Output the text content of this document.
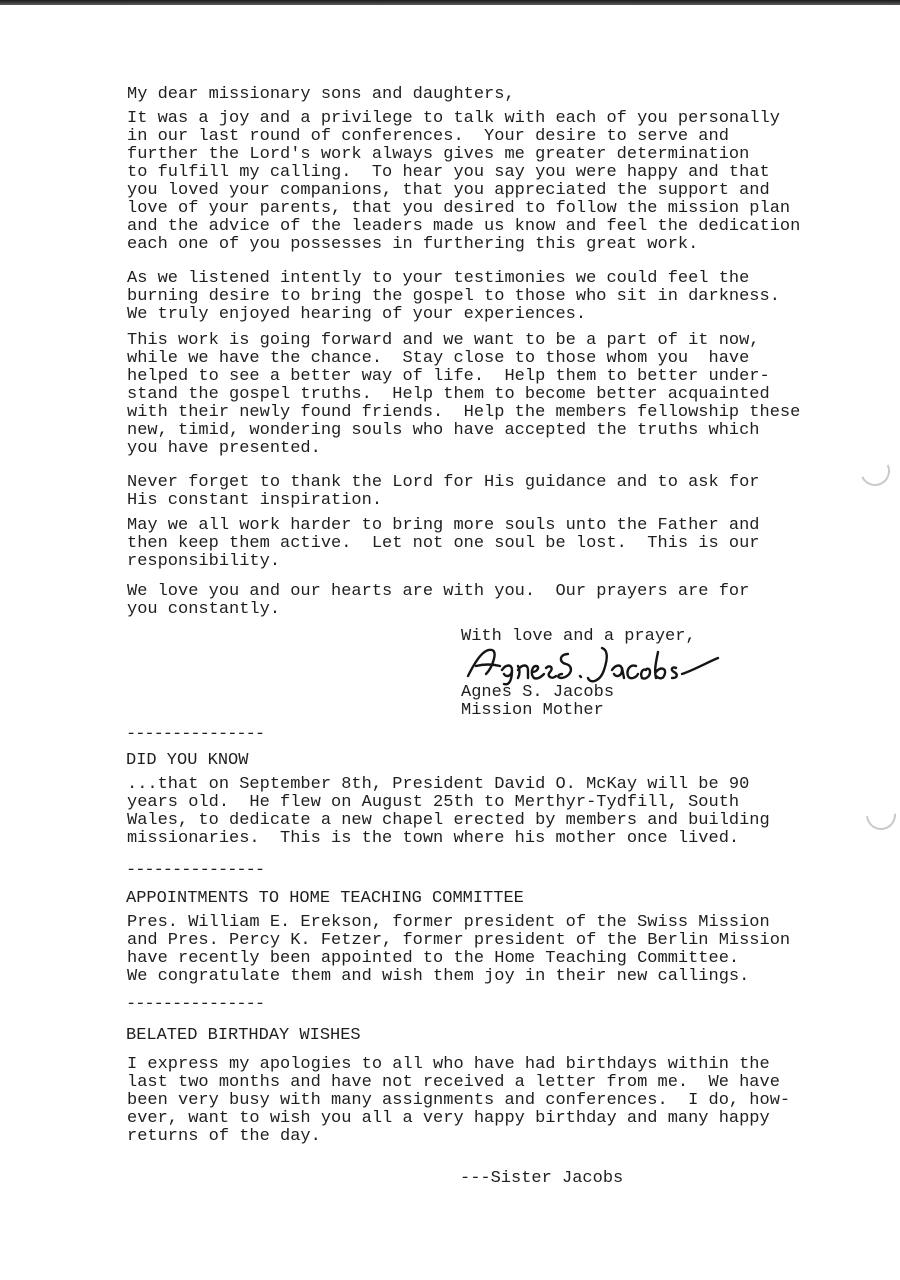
My dear missionary sons and daughters,
It was a joy and a privilege to talk with each of you personally
in our last round of conferences.  Your desire to serve and
further the Lord's work always gives me greater determination
to fulfill my calling.  To hear you say you were happy and that
you loved your companions, that you appreciated the support and
love of your parents, that you desired to follow the mission plan
and the advice of the leaders made us know and feel the dedication
each one of you possesses in furthering this great work.
As we listened intently to your testimonies we could feel the
burning desire to bring the gospel to those who sit in darkness.
We truly enjoyed hearing of your experiences.
This work is going forward and we want to be a part of it now,
while we have the chance.  Stay close to those whom you  have
helped to see a better way of life.  Help them to better under-
stand the gospel truths.  Help them to become better acquainted
with their newly found friends.  Help the members fellowship these
new, timid, wondering souls who have accepted the truths which
you have presented.
Never forget to thank the Lord for His guidance and to ask for
His constant inspiration.
May we all work harder to bring more souls unto the Father and
then keep them active.  Let not one soul be lost.  This is our
responsibility.
We love you and our hearts are with you.  Our prayers are for
you constantly.
With love and a prayer,
Agnes S. Jacobs
Mission Mother
---------------
DID YOU KNOW
...that on September 8th, President David O. McKay will be 90
years old.  He flew on August 25th to Merthyr-Tydfill, South
Wales, to dedicate a new chapel erected by members and building
missionaries.  This is the town where his mother once lived.
---------------
APPOINTMENTS TO HOME TEACHING COMMITTEE
Pres. William E. Erekson, former president of the Swiss Mission
and Pres. Percy K. Fetzer, former president of the Berlin Mission
have recently been appointed to the Home Teaching Committee.
We congratulate them and wish them joy in their new callings.
---------------
BELATED BIRTHDAY WISHES
I express my apologies to all who have had birthdays within the
last two months and have not received a letter from me.  We have
been very busy with many assignments and conferences.  I do, how-
ever, want to wish you all a very happy birthday and many happy
returns of the day.
---Sister Jacobs
